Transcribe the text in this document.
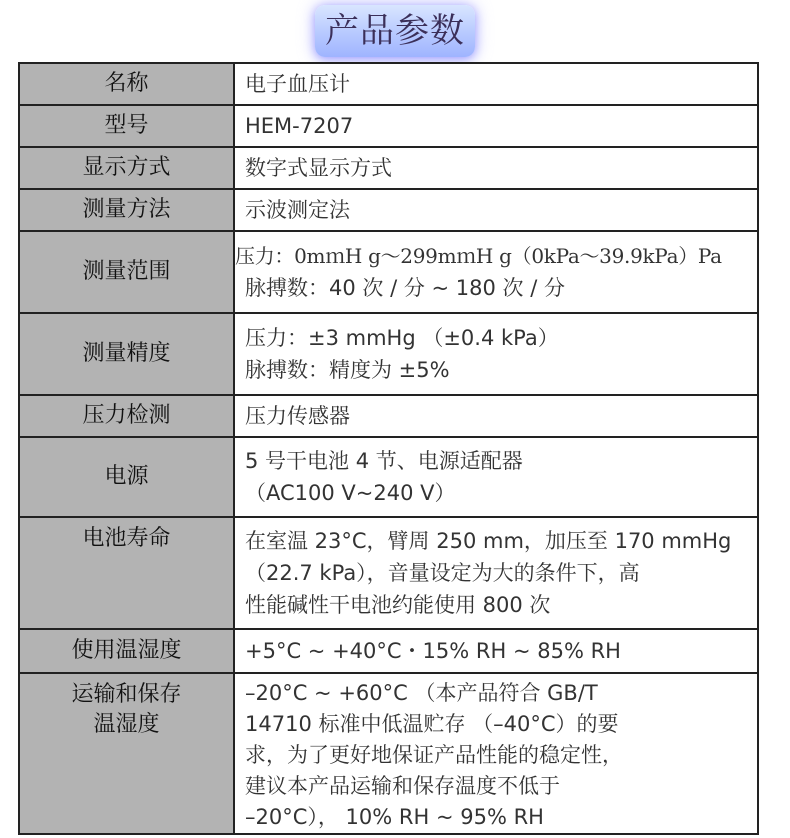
产品参数
名称	电子血压计

型号	HEM-7207

显示方式	数字式显示方式

测量方法	示波测定法

测量范围	压力：0mｍH g～299mｍH g（0kPa～39.9kPa）Pa
脉搏数：40 次 / 分 ~ 180 次 / 分

测量精度	压力：±3 mmHg （±0.4 kPa）
脉搏数：精度为 ±5%

压力检测	压力传感器

电源	5 号干电池 4 节、电源适配器
（AC100 V~240 V）

电池寿命	在室温 23°C，臂周 250 mm，加压至 170 mmHg
（22.7 kPa），音量设定为大的条件下，高
性能碱性干电池约能使用 800 次

使用温湿度	+5°C ~ +40°C・15% RH ~ 85% RH

运输和保存
温湿度	–20°C ~ +60°C （本产品符合 GB/T
14710 标准中低温贮存 （–40°C）的要
求，为了更好地保证产品性能的稳定性，
建议本产品运输和保存温度不低于
–20°C）， 10% RH ~ 95% RH
